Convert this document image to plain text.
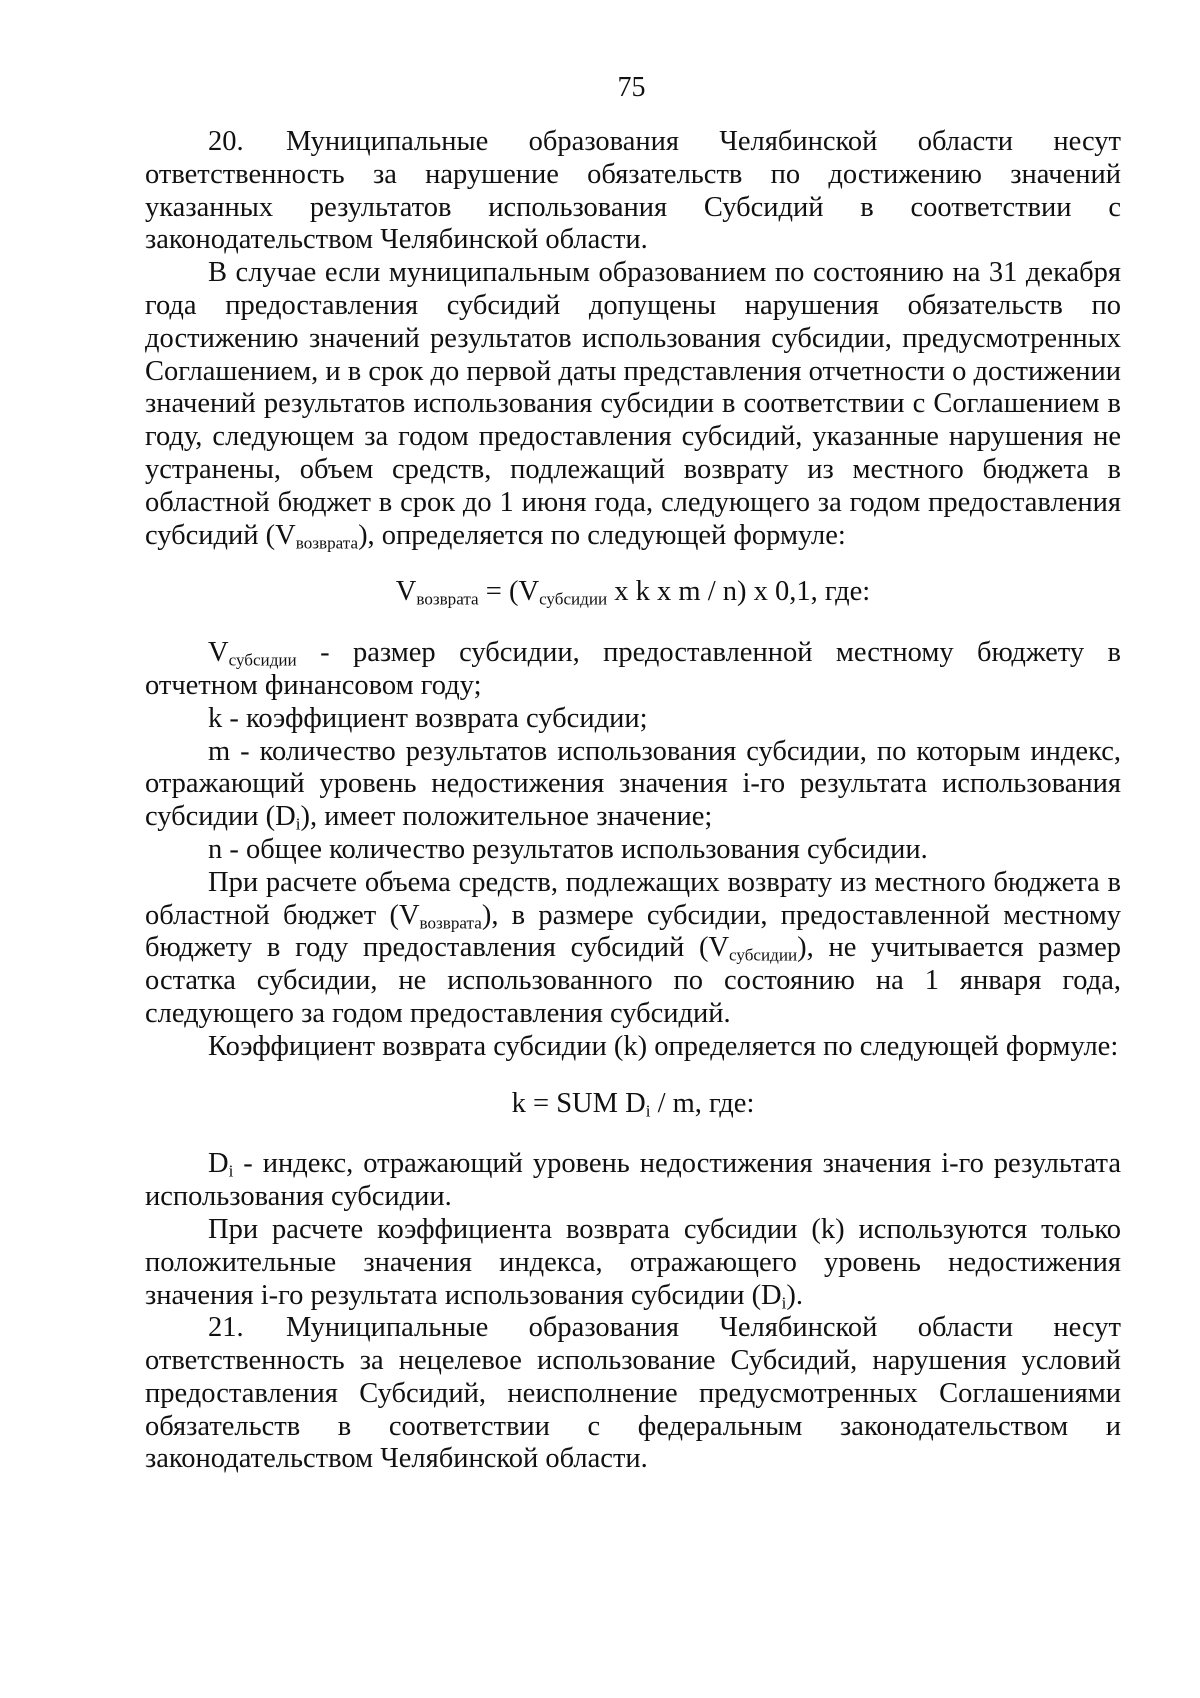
75

20. Муниципальные образования Челябинской области несут ответственность за нарушение обязательств по достижению значений указанных результатов использования Субсидий в соответствии с законодательством Челябинской области.

В случае если муниципальным образованием по состоянию на 31 декабря года предоставления субсидий допущены нарушения обязательств по достижению значений результатов использования субсидии, предусмотренных Соглашением, и в срок до первой даты представления отчетности о достижении значений результатов использования субсидии в соответствии с Соглашением в году, следующем за годом предоставления субсидий, указанные нарушения не устранены, объем средств, подлежащий возврату из местного бюджета в областной бюджет в срок до 1 июня года, следующего за годом предоставления субсидий $(V_{возврата})$, определяется по следующей формуле:

$V_{возврата} = (V_{субсидии}$ x k x m / n) x 0,1, где:

$V_{субсидии}$ - размер субсидии, предоставленной местному бюджету в отчетном финансовом году;

k - коэффициент возврата субсидии;

m - количество результатов использования субсидии, по которым индекс, отражающий уровень недостижения значения i-го результата использования субсидии $(D_i)$, имеет положительное значение;

n - общее количество результатов использования субсидии.

При расчете объема средств, подлежащих возврату из местного бюджета в областной бюджет $(V_{возврата})$, в размере субсидии, предоставленной местному бюджету в году предоставления субсидий $(V_{субсидии})$, не учитывается размер остатка субсидии, не использованного по состоянию на 1 января года, следующего за годом предоставления субсидий.

Коэффициент возврата субсидии (k) определяется по следующей формуле:

k = SUM $D_i$ / m, где:

$D_i$ - индекс, отражающий уровень недостижения значения i-го результата использования субсидии.

При расчете коэффициента возврата субсидии (k) используются только положительные значения индекса, отражающего уровень недостижения значения i-го результата использования субсидии $(D_i)$.

21. Муниципальные образования Челябинской области несут ответственность за нецелевое использование Субсидий, нарушения условий предоставления Субсидий, неисполнение предусмотренных Соглашениями обязательств в соответствии с федеральным законодательством и законодательством Челябинской области.
